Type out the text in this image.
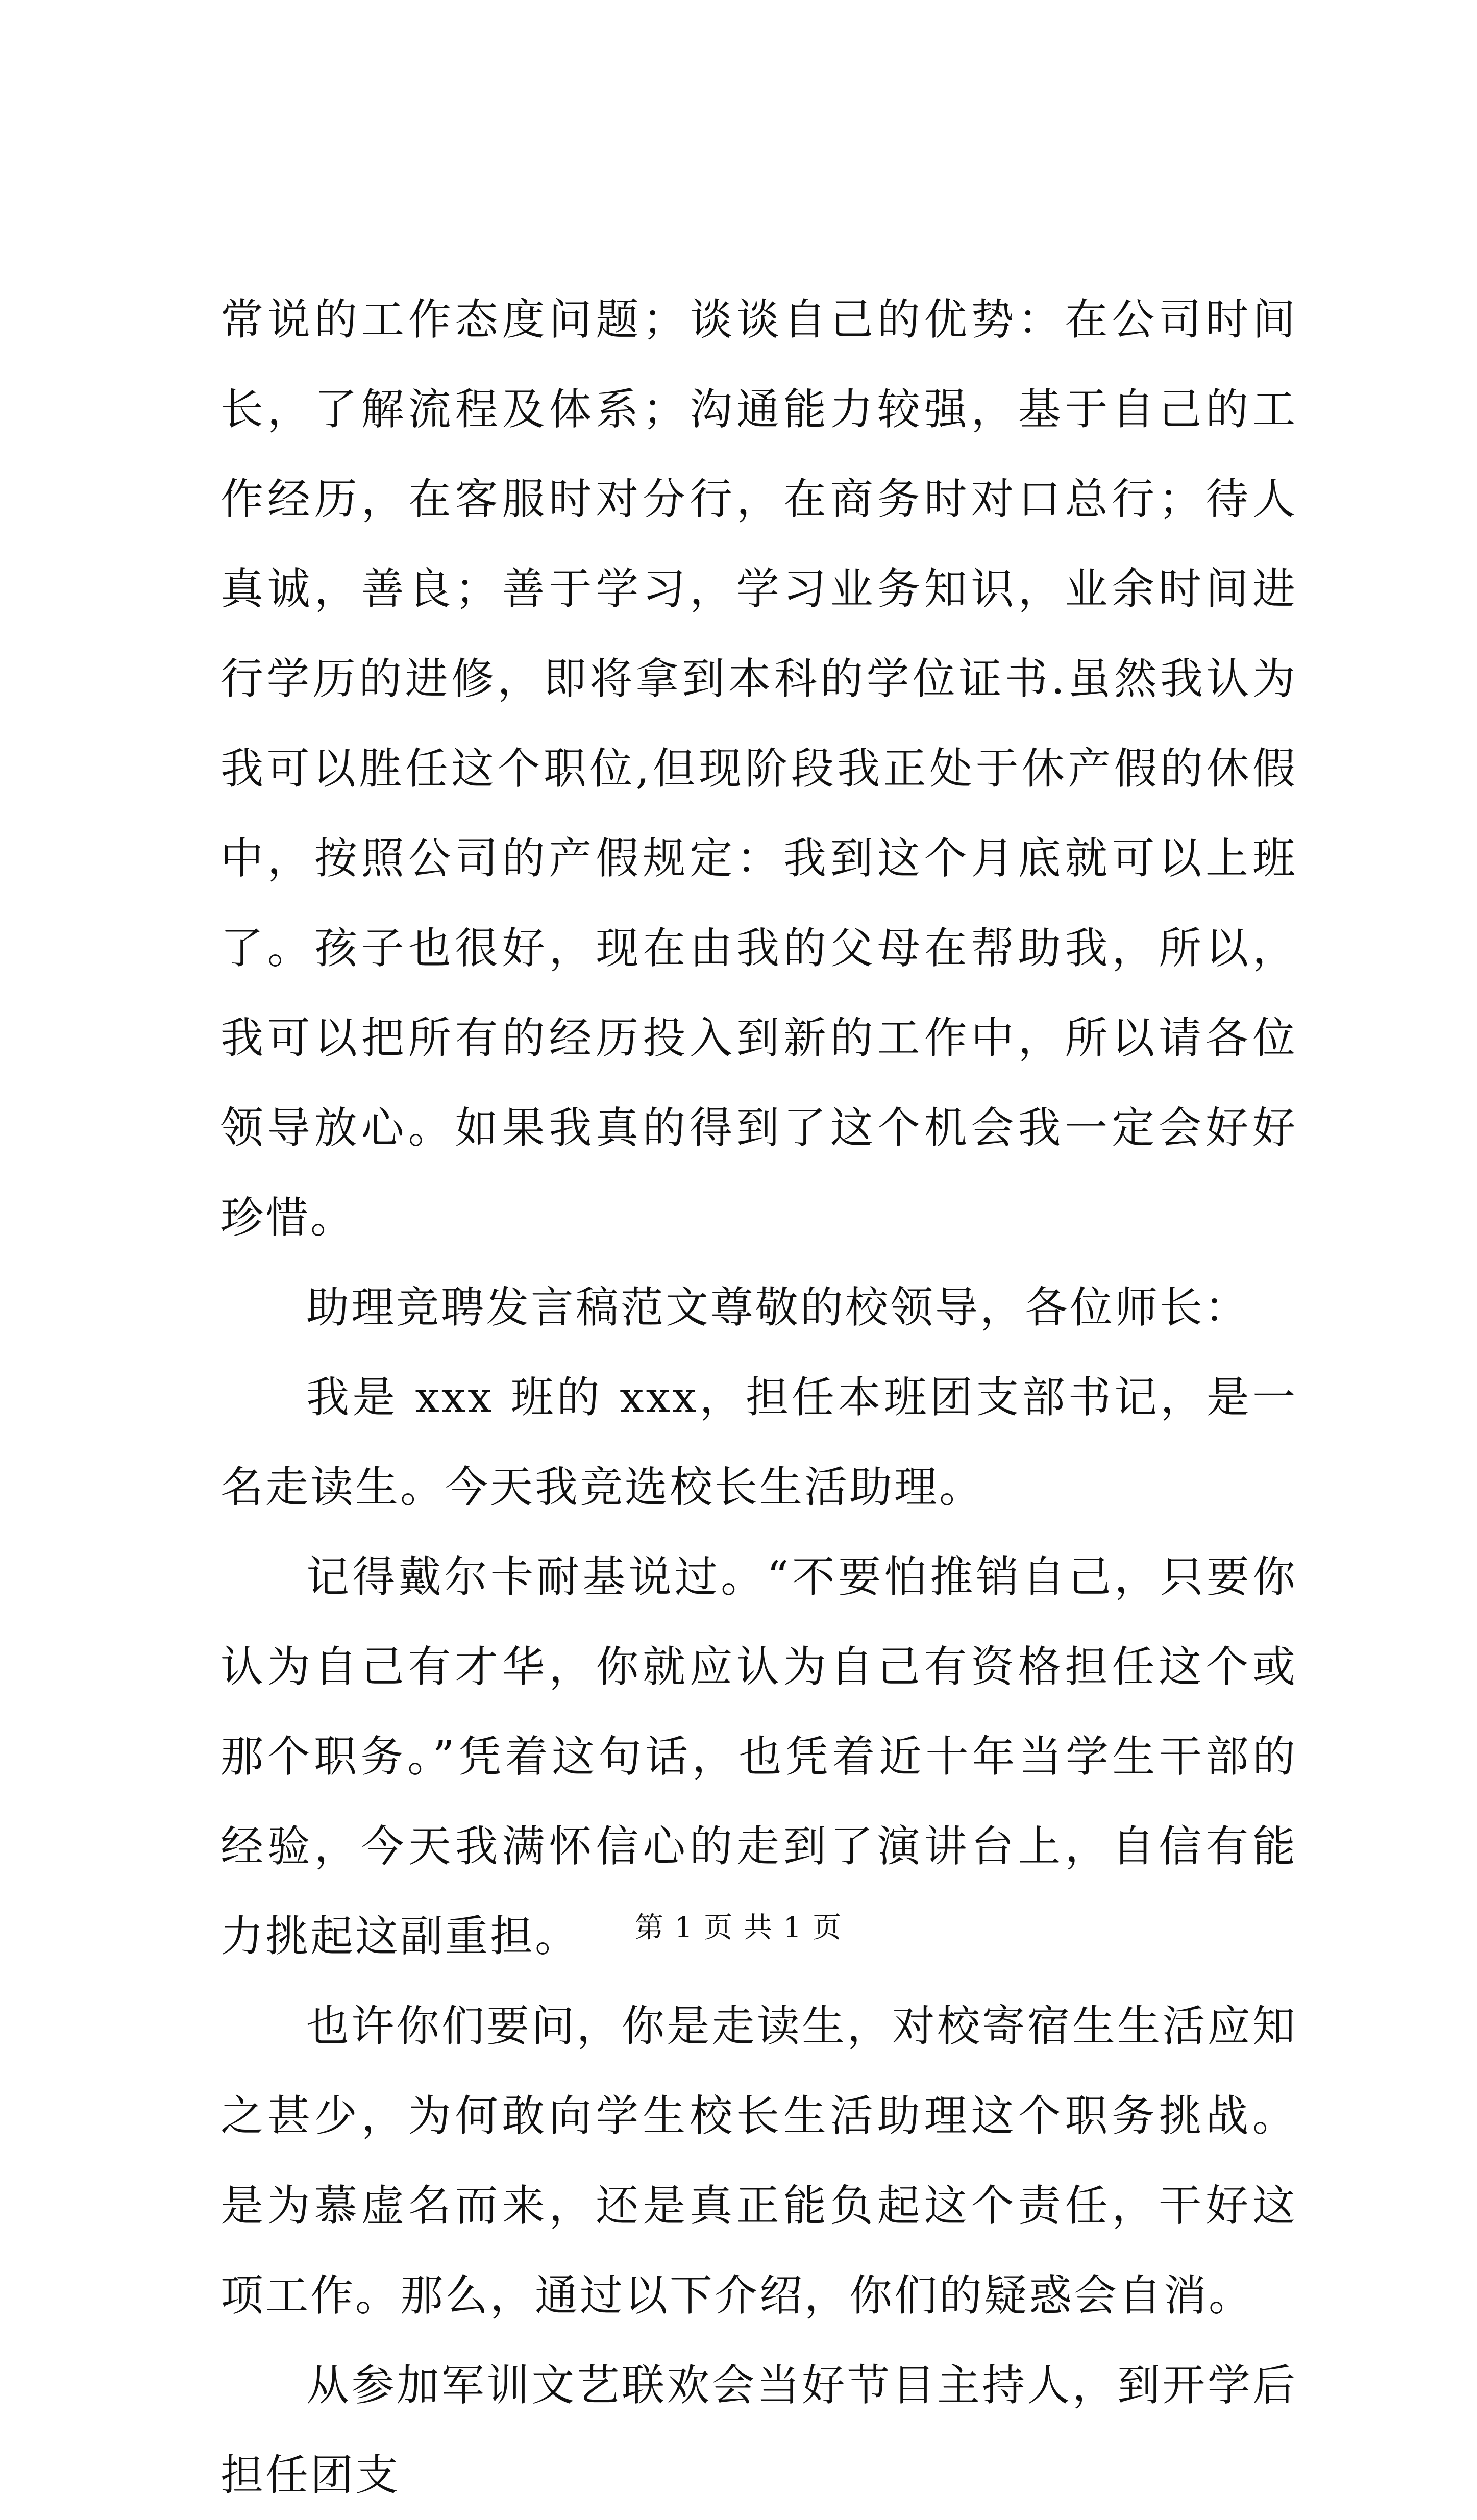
常说的工作态度问题；谈谈自己的优势：在公司时间长，了解流程及体系；沟通能力较强，基于自己的工作经历，在客服时对分行，在商务时对口总行；待人真诚，善良；善于学习，学习业务知识，业余时间进行学历的进修，即将拿到本科的学位证书.虽然我认为我可以胜任这个职位,但现阶段我正处于休产假的休假中，按照公司的产假规定：我到这个月底就可以上班了。孩子也很好，现在由我的父母在帮助我，所以，我可以把所有的经历投入到新的工作中，所以请各位领导放心。如果我真的得到了这个机会我一定会好好珍惜。

助理竞聘发言稿范文尊敬的校领导，各位师长：

我是 xxx 班的 xxx，担任本班团支部书记，是一名走读生。今天我竞选校长生活助理。

记得戴尔卡耐基说过。“不要怕推销自己，只要你认为自己有才华，你就应认为自己有资格担任这个或那个职务。”凭着这句话，也凭着近十年当学生干部的经验，今天我满怀信心的走到了演讲台上，自信有能力挑起这副重担。

也许你们要问，你是走读生，对校寄宿生生活应知之甚少，为何敢向学生校长生活助理这个职务挑战。是为慕虚名而来，还是真正能负起这个责任，干好这项工作。那么，通过以下介绍，你们的疑惑会自消。

从参加军训文艺联欢会当好节目主持人，到开学后担任团支

第 1 页 共 1 页
